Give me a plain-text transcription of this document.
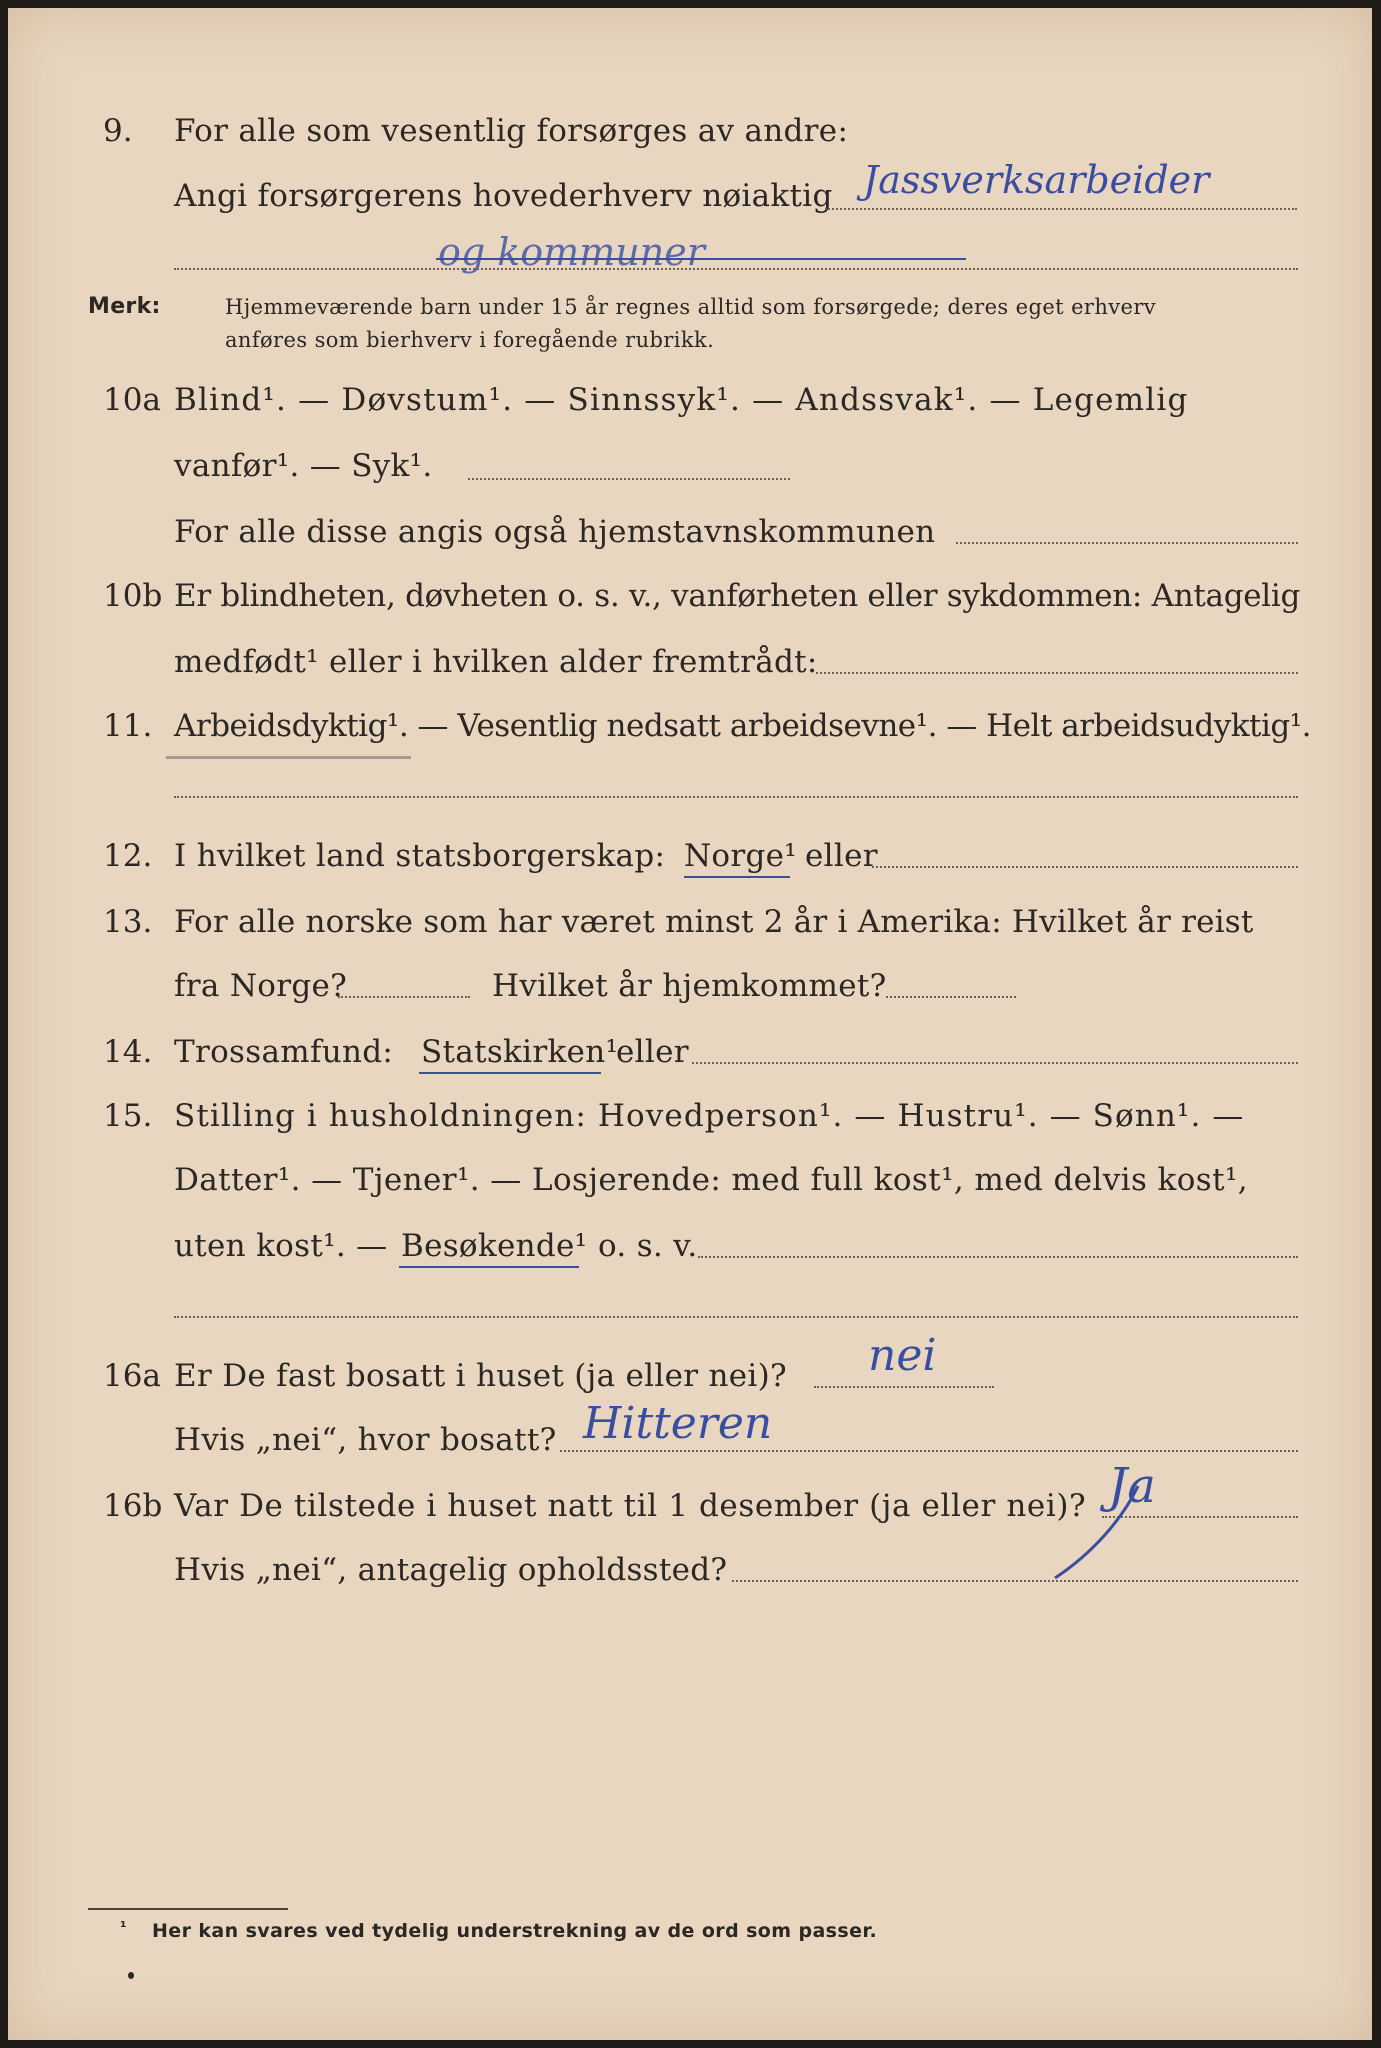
9. For alle som vesentlig forsørges av andre:
Angi forsørgerens hovederhverv nøiaktig Jassverksarbeider
og kommuner
Merk:	Hjemmeværende barn under 15 år regnes alltid som forsørgede; deres eget erhverv
anføres som bierhverv i foregående rubrikk.
10a Blind¹. — Døvstum¹. — Sinnssyk¹. — Andssvak¹. — Legemlig
vanfør¹. — Syk¹.
For alle disse angis også hjemstavnskommunen
10b Er blindheten, døvheten o. s. v., vanførheten eller sykdommen: Antagelig
medfødt¹ eller i hvilken alder fremtrådt:
11. Arbeidsdyktig¹. — Vesentlig nedsatt arbeidsevne¹. — Helt arbeidsudyktig¹.
12. I hvilket land statsborgerskap: Norge¹ eller
13. For alle norske som har været minst 2 år i Amerika: Hvilket år reist
fra Norge?	Hvilket år hjemkommet?
14. Trossamfund: Statskirken¹
eller
15. Stilling i husholdningen: Hovedperson¹. — Hustru¹. — Sønn¹. —
Datter¹. — Tjener¹. — Losjerende: med full kost¹, med delvis kost¹,
uten kost¹. — Besøkende¹ o. s. v.
16a Er De fast bosatt i huset (ja eller nei)? nei
Hvis „nei“, hvor bosatt? Hitteren
16b Var De tilstede i huset natt til 1 desember (ja eller nei)? Ja
Hvis „nei“, antagelig opholdssted?
¹ Her kan svares ved tydelig understrekning av de ord som passer.
